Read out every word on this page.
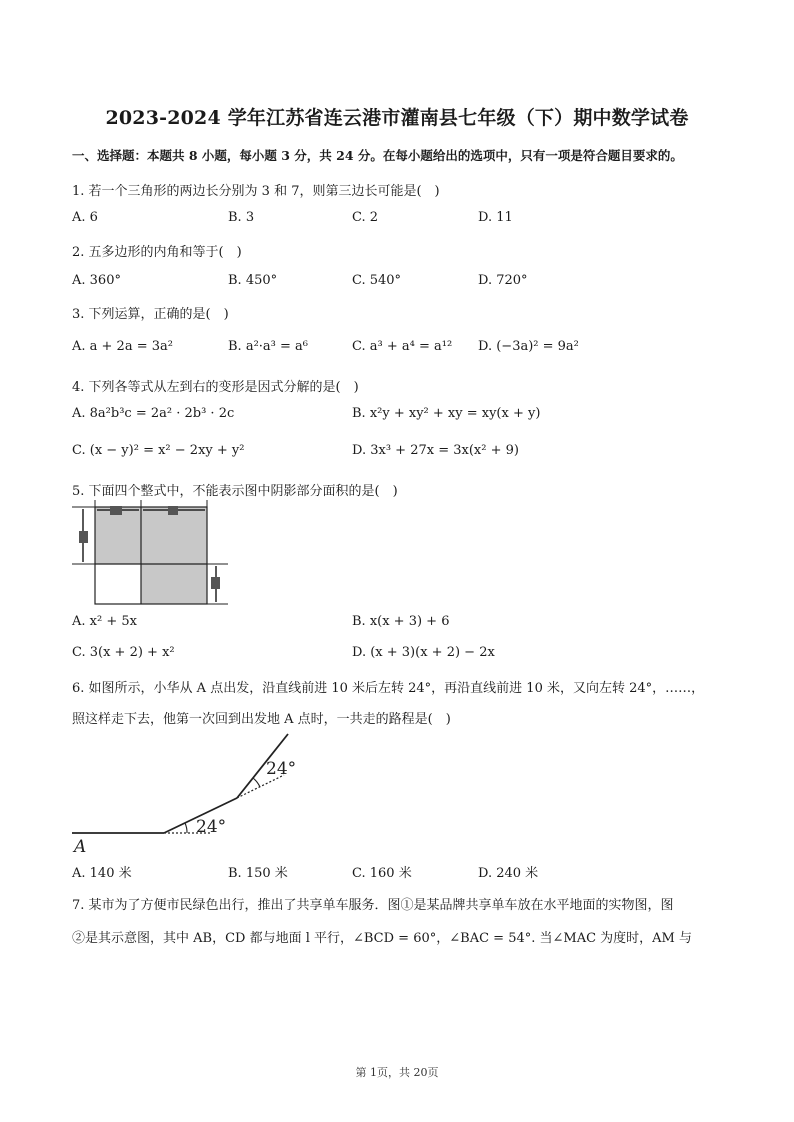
2023-2024 学年江苏省连云港市灌南县七年级（下）期中数学试卷
一、选择题：本题共 8 小题，每小题 3 分，共 24 分。在每小题给出的选项中，只有一项是符合题目要求的。
1. 若一个三角形的两边长分别为 3 和 7，则第三边长可能是(　)
A. 6	B. 3	C. 2	D. 11
2. 五多边形的内角和等于(　)
A. 360°	B. 450°	C. 540°	D. 720°
3. 下列运算，正确的是(　)
A. a + 2a = 3a²	B. a²·a³ = a⁶	C. a³ + a⁴ = a¹² D. (−3a)² = 9a²
4. 下列各等式从左到右的变形是因式分解的是(　)
A. 8a²b³c = 2a² · 2b³ · 2c	B. x²y + xy² + xy = xy(x + y)
C. (x − y)² = x² − 2xy + y²	D. 3x³ + 27x = 3x(x² + 9)
5. 下面四个整式中，不能表示图中阴影部分面积的是(　)
A. x² + 5x	B. x(x + 3) + 6
C. 3(x + 2) + x²	D. (x + 3)(x + 2) − 2x
6. 如图所示，小华从 A 点出发，沿直线前进 10 米后左转 24°，再沿直线前进 10 米，又向左转 24°，……，
照这样走下去，他第一次回到出发地 A 点时，一共走的路程是(　)
24°
24°
A
A. 140 米	B. 150 米	C. 160 米	D. 240 米
7. 某市为了方便市民绿色出行，推出了共享单车服务．图①是某品牌共享单车放在水平地面的实物图，图
②是其示意图，其中 AB，CD 都与地面 l 平行，∠BCD = 60°，∠BAC = 54°. 当∠MAC 为度时，AM 与
第 1页，共 20页
